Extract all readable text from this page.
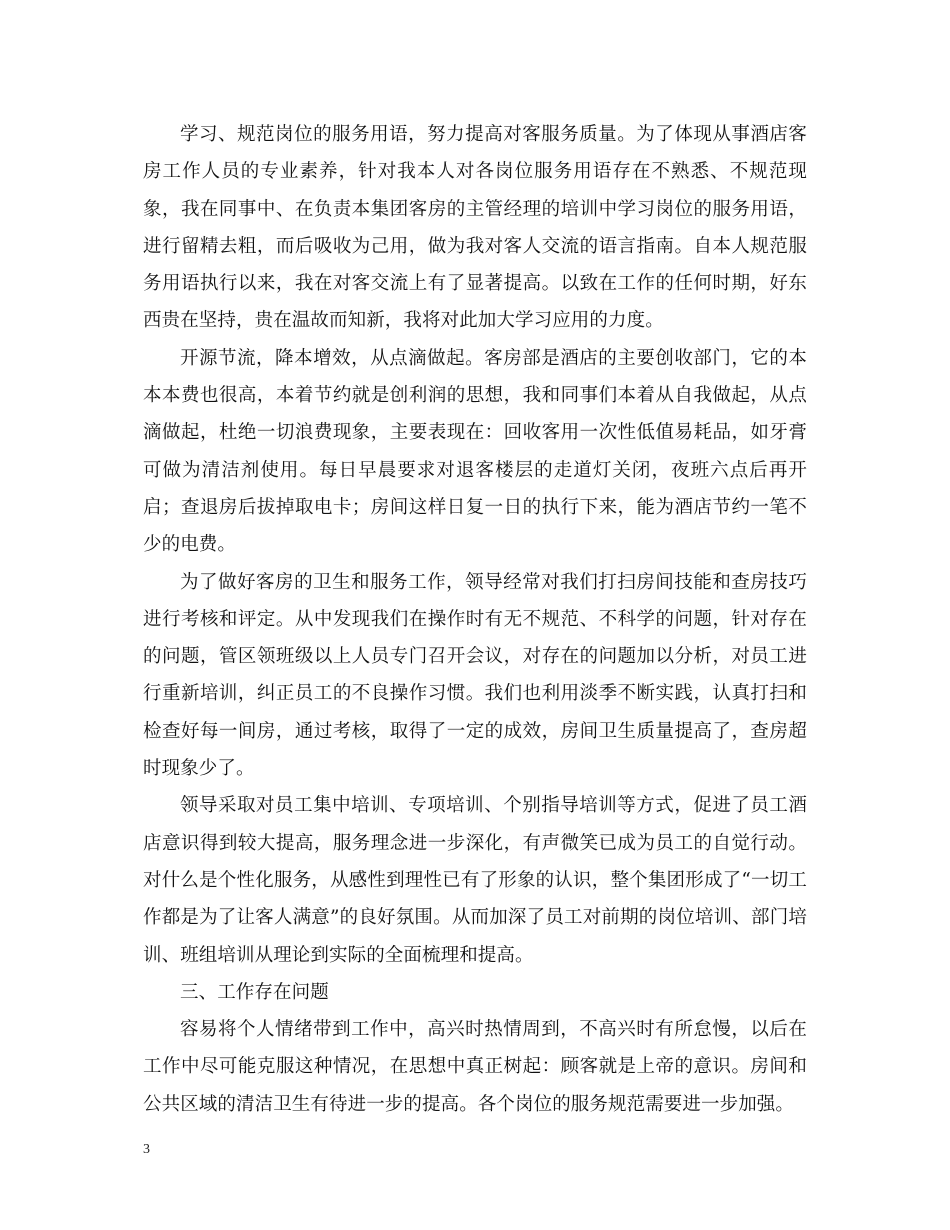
学习、规范岗位的服务用语，努力提高对客服务质量。为了体现从事酒店客房工作人员的专业素养，针对我本人对各岗位服务用语存在不熟悉、不规范现象，我在同事中、在负责本集团客房的主管经理的培训中学习岗位的服务用语，进行留精去粗，而后吸收为己用，做为我对客人交流的语言指南。自本人规范服务用语执行以来，我在对客交流上有了显著提高。以致在工作的任何时期，好东西贵在坚持，贵在温故而知新，我将对此加大学习应用的力度。

开源节流，降本增效，从点滴做起。客房部是酒店的主要创收部门，它的本本本费也很高，本着节约就是创利润的思想，我和同事们本着从自我做起，从点滴做起，杜绝一切浪费现象，主要表现在：回收客用一次性低值易耗品，如牙膏可做为清洁剂使用。每日早晨要求对退客楼层的走道灯关闭，夜班六点后再开启；查退房后拔掉取电卡；房间这样日复一日的执行下来，能为酒店节约一笔不少的电费。

为了做好客房的卫生和服务工作，领导经常对我们打扫房间技能和查房技巧进行考核和评定。从中发现我们在操作时有无不规范、不科学的问题，针对存在的问题，管区领班级以上人员专门召开会议，对存在的问题加以分析，对员工进行重新培训，纠正员工的不良操作习惯。我们也利用淡季不断实践，认真打扫和检查好每一间房，通过考核，取得了一定的成效，房间卫生质量提高了，查房超时现象少了。

领导采取对员工集中培训、专项培训、个别指导培训等方式，促进了员工酒店意识得到较大提高，服务理念进一步深化，有声微笑已成为员工的自觉行动。对什么是个性化服务，从感性到理性已有了形象的认识，整个集团形成了“一切工作都是为了让客人满意”的良好氛围。从而加深了员工对前期的岗位培训、部门培训、班组培训从理论到实际的全面梳理和提高。

三、工作存在问题

容易将个人情绪带到工作中，高兴时热情周到，不高兴时有所怠慢，以后在工作中尽可能克服这种情况，在思想中真正树起：顾客就是上帝的意识。房间和公共区域的清洁卫生有待进一步的提高。各个岗位的服务规范需要进一步加强。

3
